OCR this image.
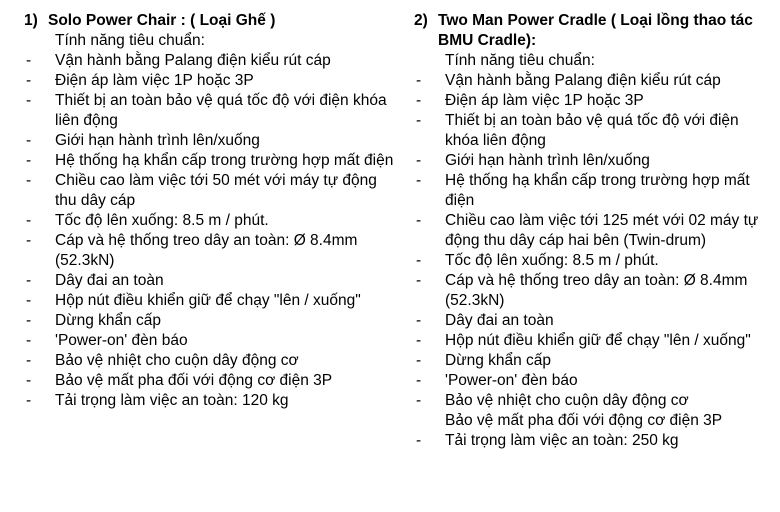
1) Solo Power Chair : ( Loại Ghế )
Tính năng tiêu chuẩn:
- Vận hành bằng Palang điện kiểu rút cáp
- Điện áp làm việc 1P hoặc 3P
- Thiết bị an toàn bảo vệ quá tốc độ với điện khóa liên động
- Giới hạn hành trình lên/xuống
- Hệ thống hạ khẩn cấp trong trường hợp mất điện
- Chiều cao làm việc tới 50 mét với máy tự động thu dây cáp
- Tốc độ lên xuống: 8.5 m / phút.
- Cáp và hệ thống treo dây an toàn: Ø 8.4mm (52.3kN)
- Dây đai an toàn
- Hộp nút điều khiển giữ để chạy "lên / xuống"
- Dừng khẩn cấp
- 'Power-on' đèn báo
- Bảo vệ nhiệt cho cuộn dây động cơ
- Bảo vệ mất pha đối với động cơ điện 3P
- Tải trọng làm việc an toàn: 120 kg
2) Two Man Power Cradle ( Loại lồng thao tác BMU Cradle):
Tính năng tiêu chuẩn:
- Vận hành bằng Palang điện kiểu rút cáp
- Điện áp làm việc 1P hoặc 3P
- Thiết bị an toàn bảo vệ quá tốc độ với điện khóa liên động
- Giới hạn hành trình lên/xuống
- Hệ thống hạ khẩn cấp trong trường hợp mất điện
- Chiều cao làm việc tới 125 mét với 02 máy tự động thu dây cáp hai bên (Twin-drum)
- Tốc độ lên xuống: 8.5 m / phút.
- Cáp và hệ thống treo dây an toàn: Ø 8.4mm (52.3kN)
- Dây đai an toàn
- Hộp nút điều khiển giữ để chạy "lên / xuống"
- Dừng khẩn cấp
- 'Power-on' đèn báo
- Bảo vệ nhiệt cho cuộn dây động cơ
Bảo vệ mất pha đối với động cơ điện 3P
- Tải trọng làm việc an toàn: 250 kg
